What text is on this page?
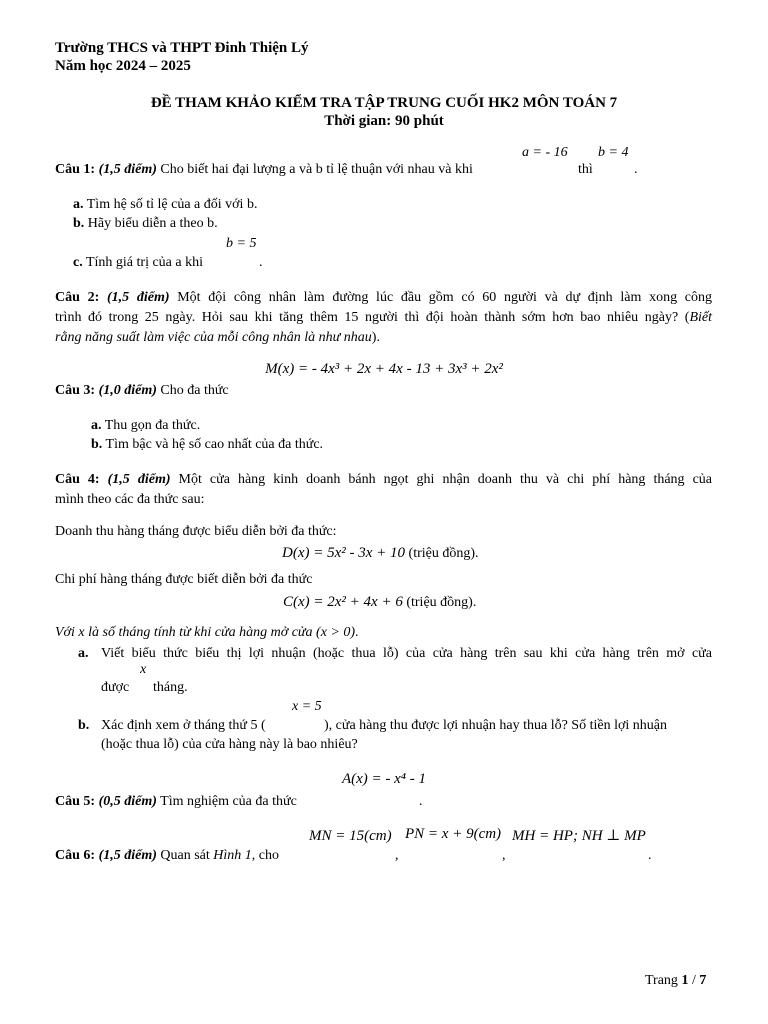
Trường THCS và THPT Đinh Thiện Lý
Năm học 2024 – 2025
ĐỀ THAM KHẢO KIỂM TRA TẬP TRUNG CUỐI HK2 MÔN TOÁN 7
Thời gian: 90 phút
a = - 16 b = 4
Câu 1: (1,5 điểm) Cho biết hai đại lượng a và b tỉ lệ thuận với nhau và khi	thì	.
a. Tìm hệ số tỉ lệ của a đối với b.
b. Hãy biểu diễn a theo b.
b = 5
c. Tính giá trị của a khi	.
Câu 2: (1,5 điểm) Một đội công nhân làm đường lúc đầu gồm có 60 người và dự định làm xong công
trình đó trong 25 ngày. Hỏi sau khi tăng thêm 15 người thì đội hoàn thành sớm hơn bao nhiêu ngày? (Biết
rằng năng suất làm việc của mỗi công nhân là như nhau).
M(x) = - 4x³ + 2x + 4x - 13 + 3x³ + 2x²
Câu 3: (1,0 điểm) Cho đa thức
a. Thu gọn đa thức.
b. Tìm bậc và hệ số cao nhất của đa thức.
Câu 4: (1,5 điểm) Một cửa hàng kinh doanh bánh ngọt ghi nhận doanh thu và chi phí hàng tháng của
mình theo các đa thức sau:
Doanh thu hàng tháng được biểu diễn bởi đa thức:
D(x) = 5x² - 3x + 10 (triệu đồng).
Chi phí hàng tháng được biết diễn bởi đa thức
C(x) = 2x² + 4x + 6 (triệu đồng).
Với x là số tháng tính từ khi cửa hàng mở cửa (x > 0).
a. Viết biểu thức biểu thị lợi nhuận (hoặc thua lỗ) của cửa hàng trên sau khi cửa hàng trên mở cửa
x
được tháng.
x = 5
b. Xác định xem ở tháng thứ 5 (	), cửa hàng thu được lợi nhuận hay thua lỗ? Số tiền lợi nhuận
(hoặc thua lỗ) của cửa hàng này là bao nhiêu?
A(x) = - x⁴ - 1
Câu 5: (0,5 điểm) Tìm nghiệm của đa thức	.
MN = 15(cm) PN = x + 9(cm) MH = HP; NH ⊥ MP
Câu 6: (1,5 điểm) Quan sát Hình 1, cho	,	,	.
Trang 1 / 7
